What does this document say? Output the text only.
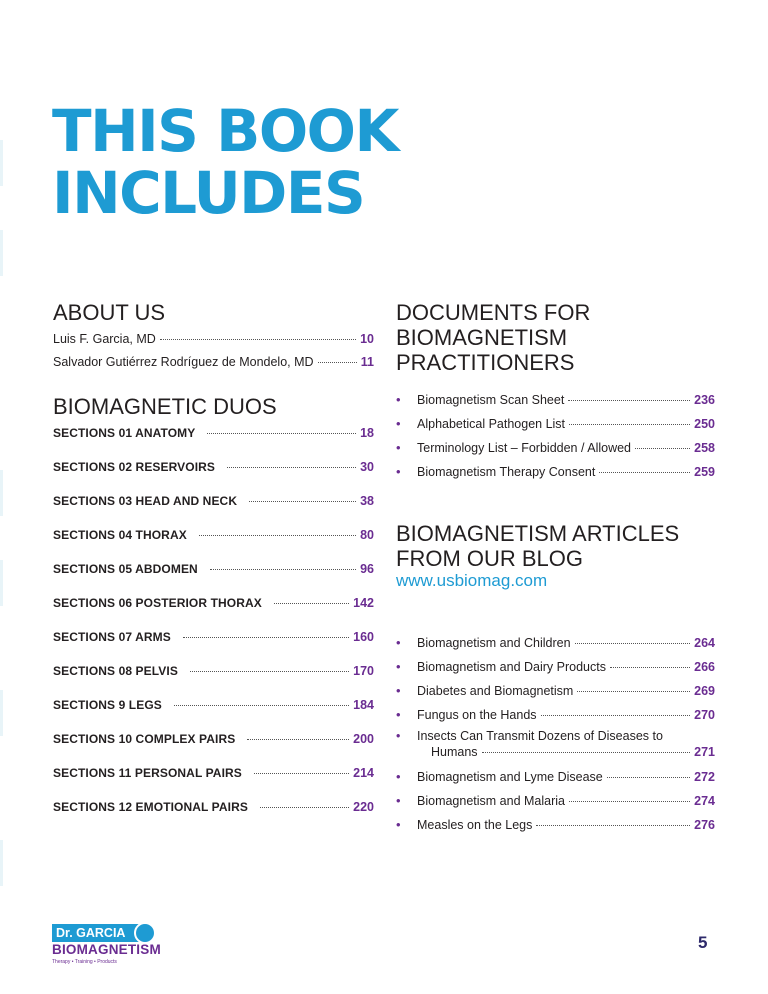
THIS BOOK
INCLUDES
ABOUT US
Luis F. Garcia, MD	10
Salvador Gutiérrez Rodríguez de Mondelo, MD	11
BIOMAGNETIC DUOS
SECTIONS 01 ANATOMY	18
SECTIONS 02 RESERVOIRS	30
SECTIONS 03 HEAD AND NECK	38
SECTIONS 04 THORAX	80
SECTIONS 05 ABDOMEN	96
SECTIONS 06 POSTERIOR THORAX	142
SECTIONS 07 ARMS	160
SECTIONS 08 PELVIS	170
SECTIONS 9 LEGS	184
SECTIONS 10 COMPLEX PAIRS	200
SECTIONS 11 PERSONAL PAIRS	214
SECTIONS 12 EMOTIONAL PAIRS	220
DOCUMENTS FOR
BIOMAGNETISM
PRACTITIONERS
•	Biomagnetism Scan Sheet	236
•	Alphabetical Pathogen List	250
•	Terminology List – Forbidden / Allowed	258
•	Biomagnetism Therapy Consent	259
BIOMAGNETISM ARTICLES
FROM OUR BLOG
www.usbiomag.com
•	Biomagnetism and Children	264
•	Biomagnetism and Dairy Products	266
•	Diabetes and Biomagnetism	269
•	Fungus on the Hands	270
•	Insects Can Transmit Dozens of Diseases to
Humans	271
•	Biomagnetism and Lyme Disease	272
•	Biomagnetism and Malaria	274
•	Measles on the Legs	276
Dr. GARCIA
BIOMAGNETISM
Therapy • Training • Products
5
